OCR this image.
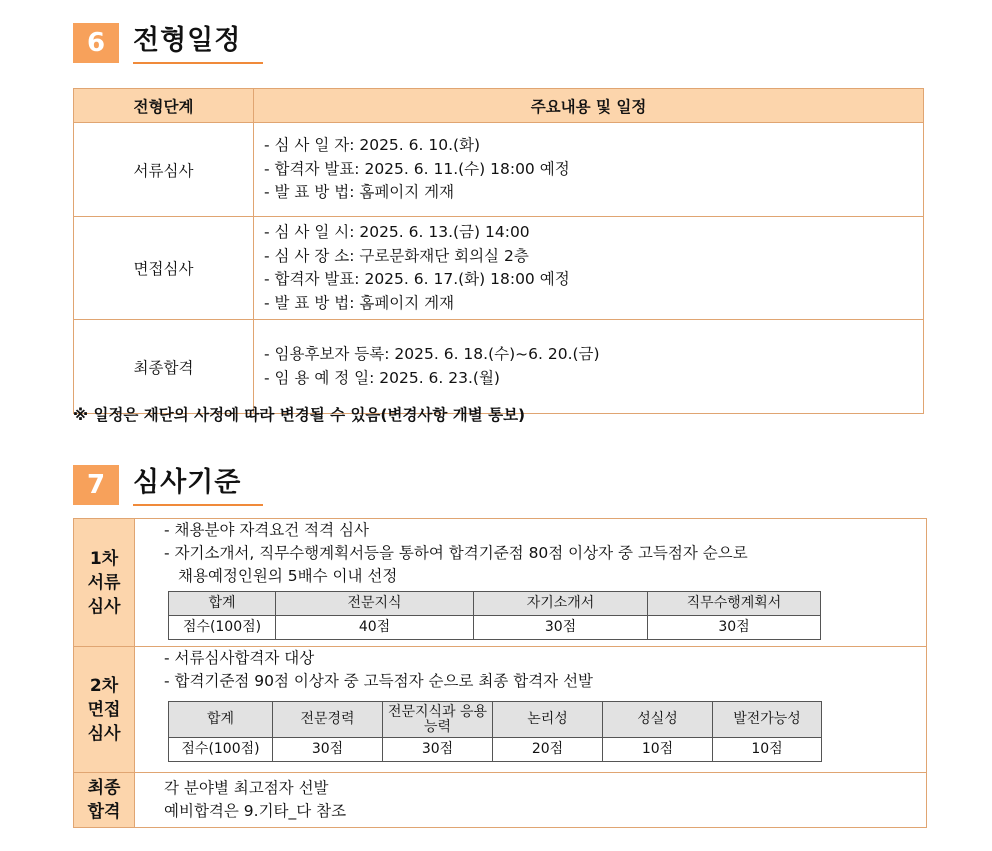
6	전형일정
전형단계	주요내용 및 일정
서류심사	- 심 사 일 자: 2025. 6. 10.(화)
- 합격자 발표: 2025. 6. 11.(수) 18:00 예정
- 발 표 방 법: 홈페이지 게재

면접심사	- 심 사 일 시: 2025. 6. 13.(금) 14:00
- 심 사 장 소: 구로문화재단 회의실 2층
- 합격자 발표: 2025. 6. 17.(화) 18:00 예정
- 발 표 방 법: 홈페이지 게재

최종합격	- 임용후보자 등록: 2025. 6. 18.(수)~6. 20.(금)
- 임 용 예 정 일: 2025. 6. 23.(월)
※ 일정은 재단의 사정에 따라 변경될 수 있음(변경사항 개별 통보)
7	심사기준
1차
서류
심사

- 채용분야 자격요건 적격 심사
- 자기소개서, 직무수행계획서등을 통하여 합격기준점 80점 이상자 중 고득점자 순으로
채용예정인원의 5배수 이내 선정
합계	전문지식	자기소개서	직무수행계획서
점수(100점)	40점	30점	30점

2차
면접
심사

- 서류심사합격자 대상
- 합격기준점 90점 이상자 중 고득점자 순으로 최종 합격자 선발
합계	전문경력	전문지식과 응용능력	논리성	성실성	발전가능성
점수(100점)	30점	30점	20점	10점	10점

최종
합격

각 분야별 최고점자 선발
예비합격은 9.기타_다 참조
